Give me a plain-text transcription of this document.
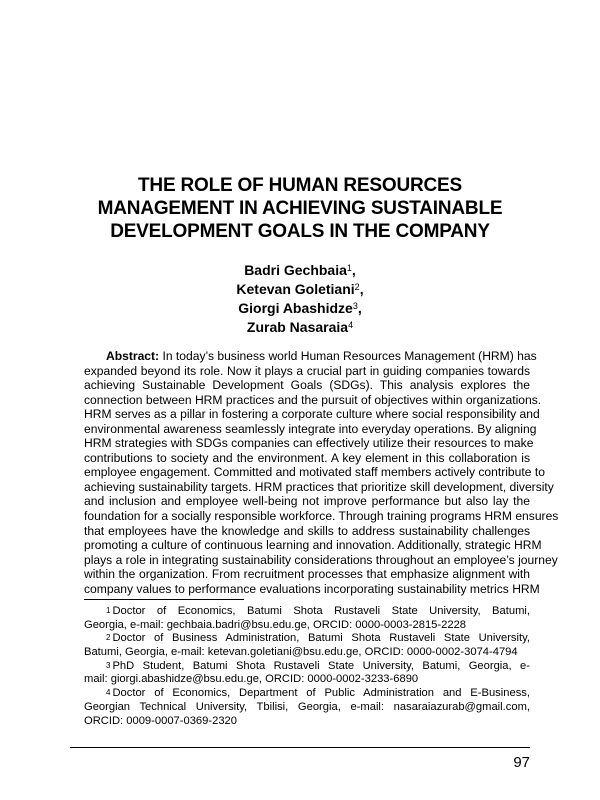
THE ROLE OF HUMAN RESOURCES
MANAGEMENT IN ACHIEVING SUSTAINABLE
DEVELOPMENT GOALS IN THE COMPANY
Badri Gechbaia$^1$,
Ketevan Goletiani$^2$,
Giorgi Abashidze$^3$,
Zurab Nasaraia$^4$
Abstract: In today’s business world Human Resources Management (HRM) has
expanded beyond its role. Now it plays a crucial part in guiding companies towards
achieving Sustainable Development Goals (SDGs). This analysis explores the
connection between HRM practices and the pursuit of objectives within organizations.
HRM serves as a pillar in fostering a corporate culture where social responsibility and
environmental awareness seamlessly integrate into everyday operations. By aligning
HRM strategies with SDGs companies can effectively utilize their resources to make
contributions to society and the environment. A key element in this collaboration is
employee engagement. Committed and motivated staff members actively contribute to
achieving sustainability targets. HRM practices that prioritize skill development, diversity
and inclusion and employee well-being not improve performance but also lay the
foundation for a socially responsible workforce. Through training programs HRM ensures
that employees have the knowledge and skills to address sustainability challenges
promoting a culture of continuous learning and innovation. Additionally, strategic HRM
plays a role in integrating sustainability considerations throughout an employee’s journey
within the organization. From recruitment processes that emphasize alignment with
company values to performance evaluations incorporating sustainability metrics HRM
$^1$ Doctor of Economics, Batumi Shota Rustaveli State University, Batumi,
Georgia, e-mail: gechbaia.badri@bsu.edu.ge, ORCID: 0000-0003-2815-2228
$^2$ Doctor of Business Administration, Batumi Shota Rustaveli State University,
Batumi, Georgia, e-mail: ketevan.goletiani@bsu.edu.ge, ORCID: 0000-0002-3074-4794
$^3$ PhD Student, Batumi Shota Rustaveli State University, Batumi, Georgia, e-
mail: giorgi.abashidze@bsu.edu.ge, ORCID: 0000-0002-3233-6890
$^4$ Doctor of Economics, Department of Public Administration and E-Business,
Georgian Technical University, Tbilisi, Georgia, e-mail: nasaraiazurab@gmail.com,
ORCID: 0009-0007-0369-2320
97
